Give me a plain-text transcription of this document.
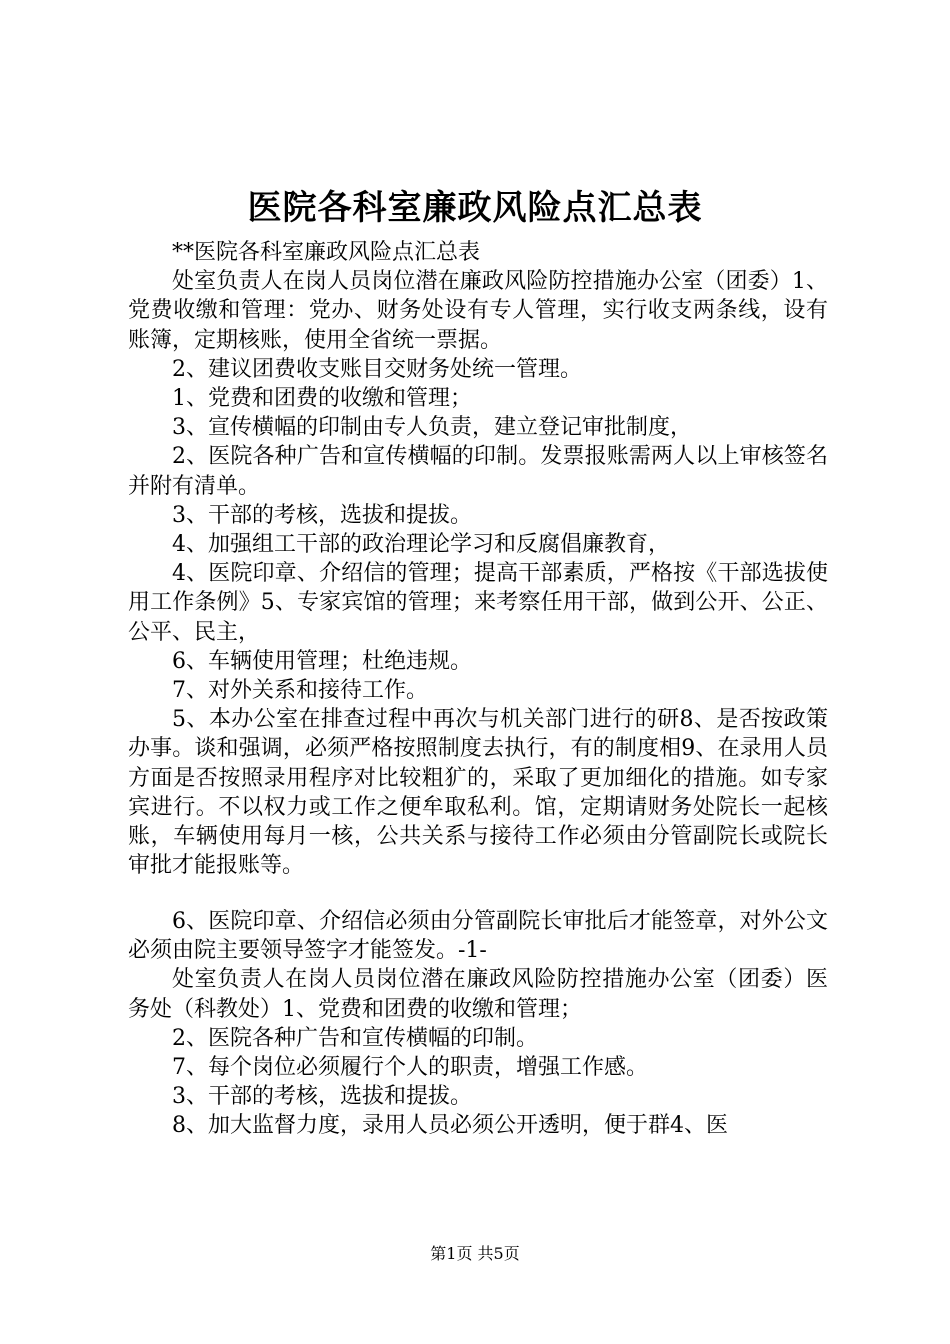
医院各科室廉政风险点汇总表

**医院各科室廉政风险点汇总表

处室负责人在岗人员岗位潜在廉政风险防控措施办公室（团委）1、党费收缴和管理：党办、财务处设有专人管理，实行收支两条线，设有账簿，定期核账，使用全省统一票据。

2、建议团费收支账目交财务处统一管理。

1、党费和团费的收缴和管理；

3、宣传横幅的印制由专人负责，建立登记审批制度，

2、医院各种广告和宣传横幅的印制。发票报账需两人以上审核签名并附有清单。

3、干部的考核，选拔和提拔。

4、加强组工干部的政治理论学习和反腐倡廉教育，

4、医院印章、介绍信的管理；提高干部素质，严格按《干部选拔使用工作条例》5、专家宾馆的管理；来考察任用干部，做到公开、公正、公平、民主，

6、车辆使用管理；杜绝违规。

7、对外关系和接待工作。

5、本办公室在排查过程中再次与机关部门进行的研8、是否按政策办事。谈和强调，必须严格按照制度去执行，有的制度相9、在录用人员方面是否按照录用程序对比较粗犷的，采取了更加细化的措施。如专家宾进行。不以权力或工作之便牟取私利。馆，定期请财务处院长一起核账，车辆使用每月一核，公共关系与接待工作必须由分管副院长或院长审批才能报账等。

6、医院印章、介绍信必须由分管副院长审批后才能签章，对外公文必须由院主要领导签字才能签发。-1-

处室负责人在岗人员岗位潜在廉政风险防控措施办公室（团委）医务处（科教处）1、党费和团费的收缴和管理；

2、医院各种广告和宣传横幅的印制。

7、每个岗位必须履行个人的职责，增强工作感。

3、干部的考核，选拔和提拔。

8、加大监督力度，录用人员必须公开透明，便于群4、医

第1页 共5页
